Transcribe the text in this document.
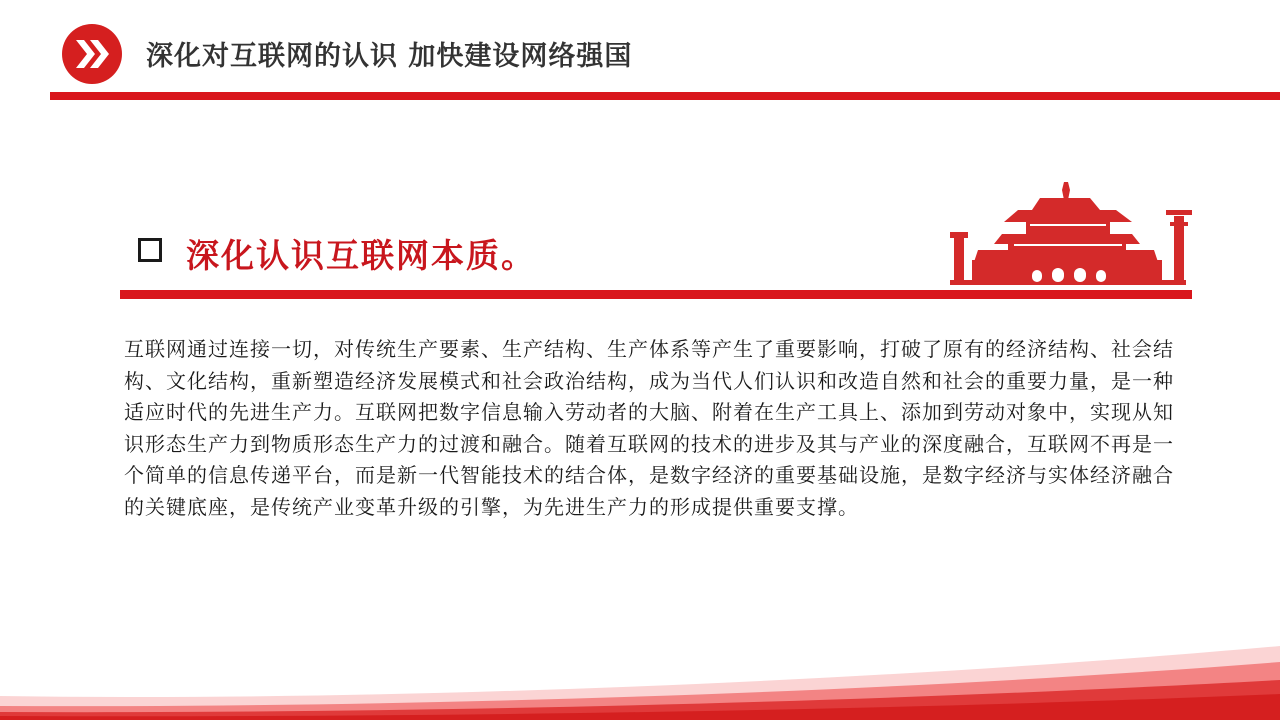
深化对互联网的认识 加快建设网络强国
深化认识互联网本质。

互联网通过连接一切，对传统生产要素、生产结构、生产体系等产生了重要影响，打破了原有的经济结构、社会结构、文化结构，重新塑造经济发展模式和社会政治结构，成为当代人们认识和改造自然和社会的重要力量，是一种适应时代的先进生产力。互联网把数字信息输入劳动者的大脑、附着在生产工具上、添加到劳动对象中，实现从知识形态生产力到物质形态生产力的过渡和融合。随着互联网的技术的进步及其与产业的深度融合，互联网不再是一个简单的信息传递平台，而是新一代智能技术的结合体，是数字经济的重要基础设施，是数字经济与实体经济融合的关键底座，是传统产业变革升级的引擎，为先进生产力的形成提供重要支撑。
